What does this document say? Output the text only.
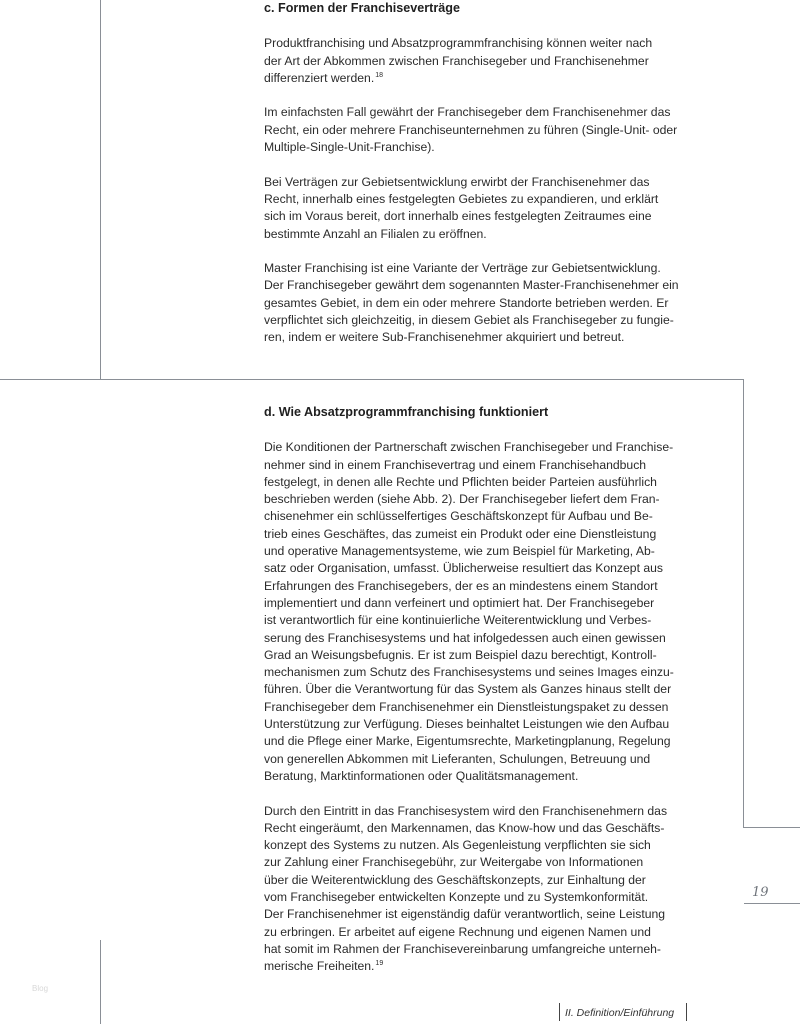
c. Formen der Franchiseverträge

Produktfranchising und Absatzprogrammfranchising können weiter nach
der Art der Abkommen zwischen Franchisegeber und Franchisenehmer
differenziert werden.$^{18}$

Im einfachsten Fall gewährt der Franchisegeber dem Franchisenehmer das
Recht, ein oder mehrere Franchiseunternehmen zu führen (Single-Unit- oder
Multiple-Single-Unit-Franchise).

Bei Verträgen zur Gebietsentwicklung erwirbt der Franchisenehmer das
Recht, innerhalb eines festgelegten Gebietes zu expandieren, und erklärt
sich im Voraus bereit, dort innerhalb eines festgelegten Zeitraumes eine
bestimmte Anzahl an Filialen zu eröffnen.

Master Franchising ist eine Variante der Verträge zur Gebietsentwicklung.
Der Franchisegeber gewährt dem sogenannten Master-Franchisenehmer ein
gesamtes Gebiet, in dem ein oder mehrere Standorte betrieben werden. Er
verpflichtet sich gleichzeitig, in diesem Gebiet als Franchisegeber zu fungie-
ren, indem er weitere Sub-Franchisenehmer akquiriert und betreut.

d. Wie Absatzprogrammfranchising funktioniert

Die Konditionen der Partnerschaft zwischen Franchisegeber und Franchise-
nehmer sind in einem Franchisevertrag und einem Franchisehandbuch
festgelegt, in denen alle Rechte und Pflichten beider Parteien ausführlich
beschrieben werden (siehe Abb. 2). Der Franchisegeber liefert dem Fran-
chisenehmer ein schlüsselfertiges Geschäftskonzept für Aufbau und Be-
trieb eines Geschäftes, das zumeist ein Produkt oder eine Dienstleistung
und operative Managementsysteme, wie zum Beispiel für Marketing, Ab-
satz oder Organisation, umfasst. Üblicherweise resultiert das Konzept aus
Erfahrungen des Franchisegebers, der es an mindestens einem Standort
implementiert und dann verfeinert und optimiert hat. Der Franchisegeber
ist verantwortlich für eine kontinuierliche Weiterentwicklung und Verbes-
serung des Franchisesystems und hat infolgedessen auch einen gewissen
Grad an Weisungsbefugnis. Er ist zum Beispiel dazu berechtigt, Kontroll-
mechanismen zum Schutz des Franchisesystems und seines Images einzu-
führen. Über die Verantwortung für das System als Ganzes hinaus stellt der
Franchisegeber dem Franchisenehmer ein Dienstleistungspaket zu dessen
Unterstützung zur Verfügung. Dieses beinhaltet Leistungen wie den Aufbau
und die Pflege einer Marke, Eigentumsrechte, Marketingplanung, Regelung
von generellen Abkommen mit Lieferanten, Schulungen, Betreuung und
Beratung, Marktinformationen oder Qualitätsmanagement.

Durch den Eintritt in das Franchisesystem wird den Franchisenehmern das
Recht eingeräumt, den Markennamen, das Know-how und das Geschäfts-
konzept des Systems zu nutzen. Als Gegenleistung verpflichten sie sich
zur Zahlung einer Franchisegebühr, zur Weitergabe von Informationen
über die Weiterentwicklung des Geschäftskonzepts, zur Einhaltung der
vom Franchisegeber entwickelten Konzepte und zu Systemkonformität.
Der Franchisenehmer ist eigenständig dafür verantwortlich, seine Leistung
zu erbringen. Er arbeitet auf eigene Rechnung und eigenen Namen und
hat somit im Rahmen der Franchisevereinbarung umfangreiche unterneh-
merische Freiheiten.$^{19}$

19
II. Definition/Einführung
Blog
